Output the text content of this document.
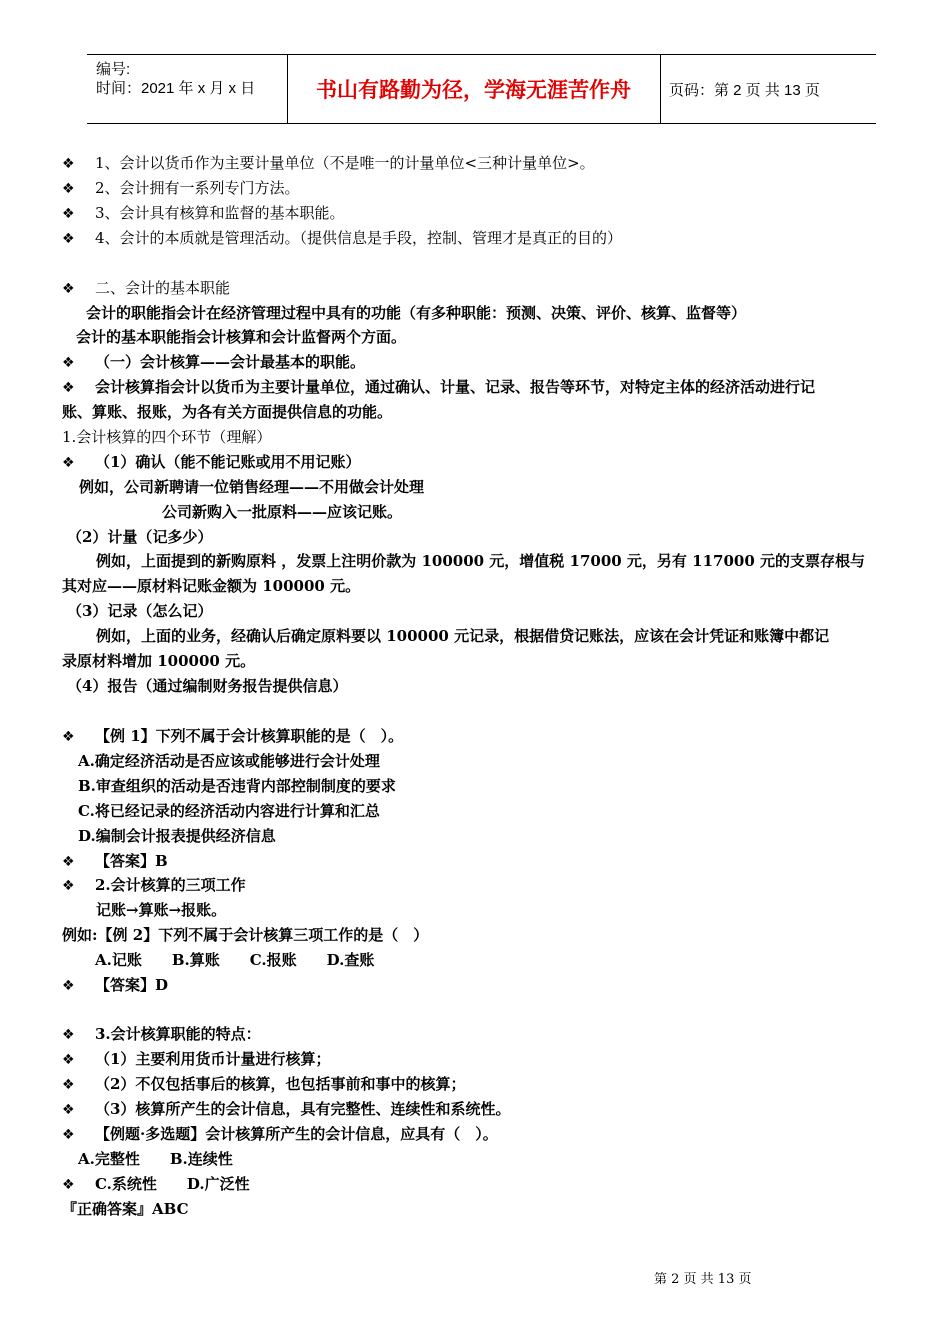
编号:
时间：2021 年 x 月 x 日	书山有路勤为径，学海无涯苦作舟	页码：第 2 页 共 13 页
❖ 1、会计以货币作为主要计量单位（不是唯一的计量单位<三种计量单位>。
❖ 2、会计拥有一系列专门方法。
❖ 3、会计具有核算和监督的基本职能。
❖ 4、会计的本质就是管理活动。（提供信息是手段，控制、管理才是真正的目的）
❖ 二、会计的基本职能
会计的职能指会计在经济管理过程中具有的功能（有多种职能：预测、决策、评价、核算、监督等）
会计的基本职能指会计核算和会计监督两个方面。
❖ （一）会计核算——会计最基本的职能。
❖ 会计核算指会计以货币为主要计量单位，通过确认、计量、记录、报告等环节，对特定主体的经济活动进行记
账、算账、报账，为各有关方面提供信息的功能。
1.会计核算的四个环节（理解）
❖ （1）确认（能不能记账或用不用记账）
例如，公司新聘请一位销售经理——不用做会计处理
公司新购入一批原料——应该记账。
（2）计量（记多少）
例如，上面提到的新购原料 ，发票上注明价款为 100000 元，增值税 17000 元，另有 117000 元的支票存根与
其对应——原材料记账金额为 100000 元。
（3）记录（怎么记）
例如，上面的业务，经确认后确定原料要以 100000 元记录，根据借贷记账法，应该在会计凭证和账簿中都记
录原材料增加 100000 元。
（4）报告（通过编制财务报告提供信息）
❖ 【例 1】下列不属于会计核算职能的是（　）。
A.确定经济活动是否应该或能够进行会计处理
B.审查组织的活动是否违背内部控制制度的要求
C.将已经记录的经济活动内容进行计算和汇总
D.编制会计报表提供经济信息
❖ 【答案】B
❖ 2.会计核算的三项工作
记账→算账→报账。
例如:【例 2】下列不属于会计核算三项工作的是（　）
A.记账　　B.算账　　C.报账　　D.查账
❖ 【答案】D
❖ 3.会计核算职能的特点：
❖ （1）主要利用货币计量进行核算；
❖ （2）不仅包括事后的核算，也包括事前和事中的核算；
❖ （3）核算所产生的会计信息，具有完整性、连续性和系统性。
❖ 【例题·多选题】会计核算所产生的会计信息，应具有（　）。
A.完整性　　B.连续性
❖ C.系统性　　D.广泛性
『正确答案』ABC
第 2 页 共 13 页
